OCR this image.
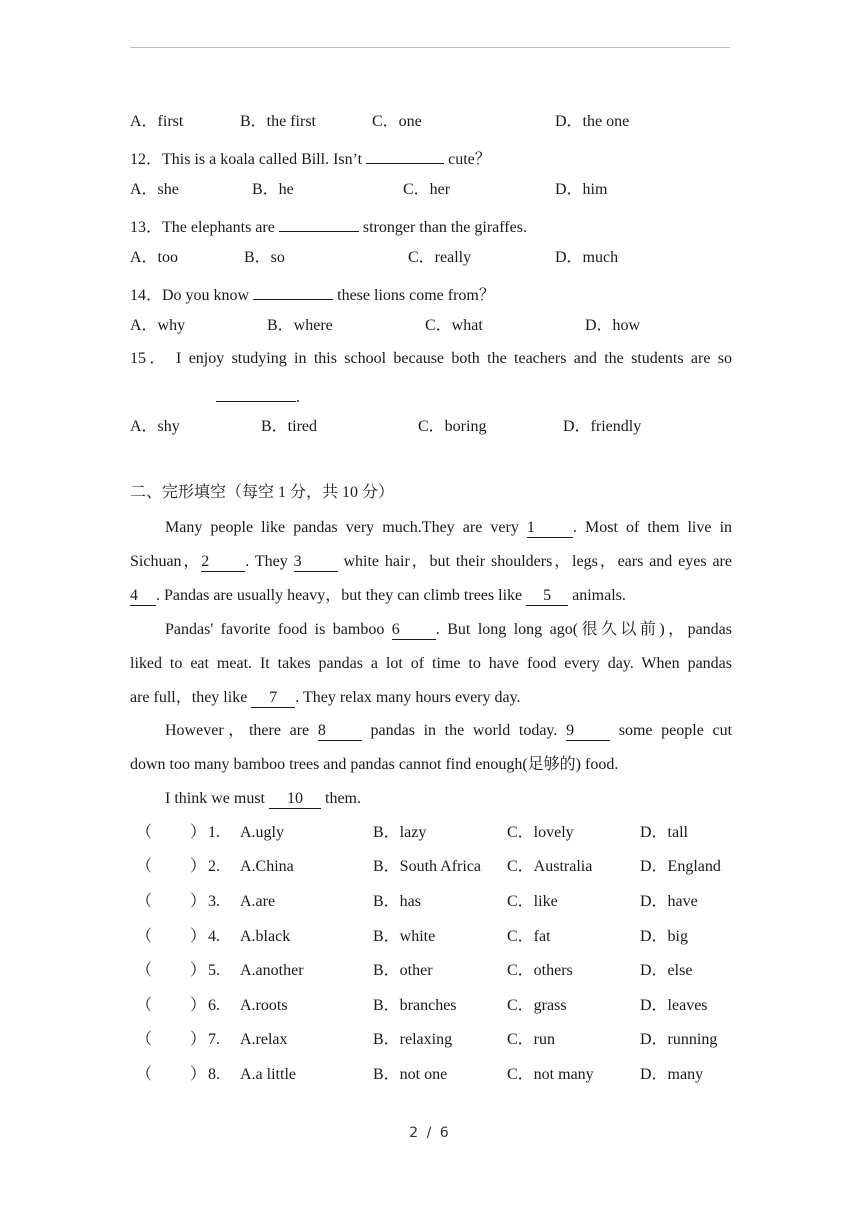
A．first	B．the first	C．one	D．the one
12．This is a koala called Bill. Isn’t	cute？
A．she	B．he	C．her	D．him
13．The elephants are	stronger than the giraffes.
A．too	B．so	C．really	D．much
14．Do you know	these lions come from？
A．why	B．where	C．what	D．how
15． I enjoy studying in this school because both the teachers and the students are so
.
A．shy	B．tired	C．boring	D．friendly
二、完形填空（每空 1 分，共 10 分）
Many people like pandas very much.They are very 1 . Most of them live in
Sichuan，2 . They 3	white hair，but their shoulders，legs，ears and eyes are
4 . Pandas are usually heavy，but they can climb trees like 5 animals.
Pandas' favorite food is bamboo 6 . But long long ago(很久以前)，pandas
liked to eat meat. It takes pandas a lot of time to have food every day. When pandas
are full，they like 7 . They relax many hours every day.
However，there are 8	pandas in the world today. 9	some people cut
down too many bamboo trees and pandas cannot find enough(足够的) food.
I think we must 10 them.
（ ） 1. A.ugly	B．lazy	C．lovely	D．tall
（ ） 2. A.China	B．South Africa C．Australia	D．England
（ ） 3. A.are	B．has	C．like	D．have
（ ） 4. A.black	B．white	C．fat	D．big
（ ） 5. A.another	B．other	C．others	D．else
（ ） 6. A.roots	B．branches	C．grass	D．leaves
（ ） 7. A.relax	B．relaxing	C．run	D．running
（ ） 8. A.a little	B．not one	C．not many	D．many
2 / 6
